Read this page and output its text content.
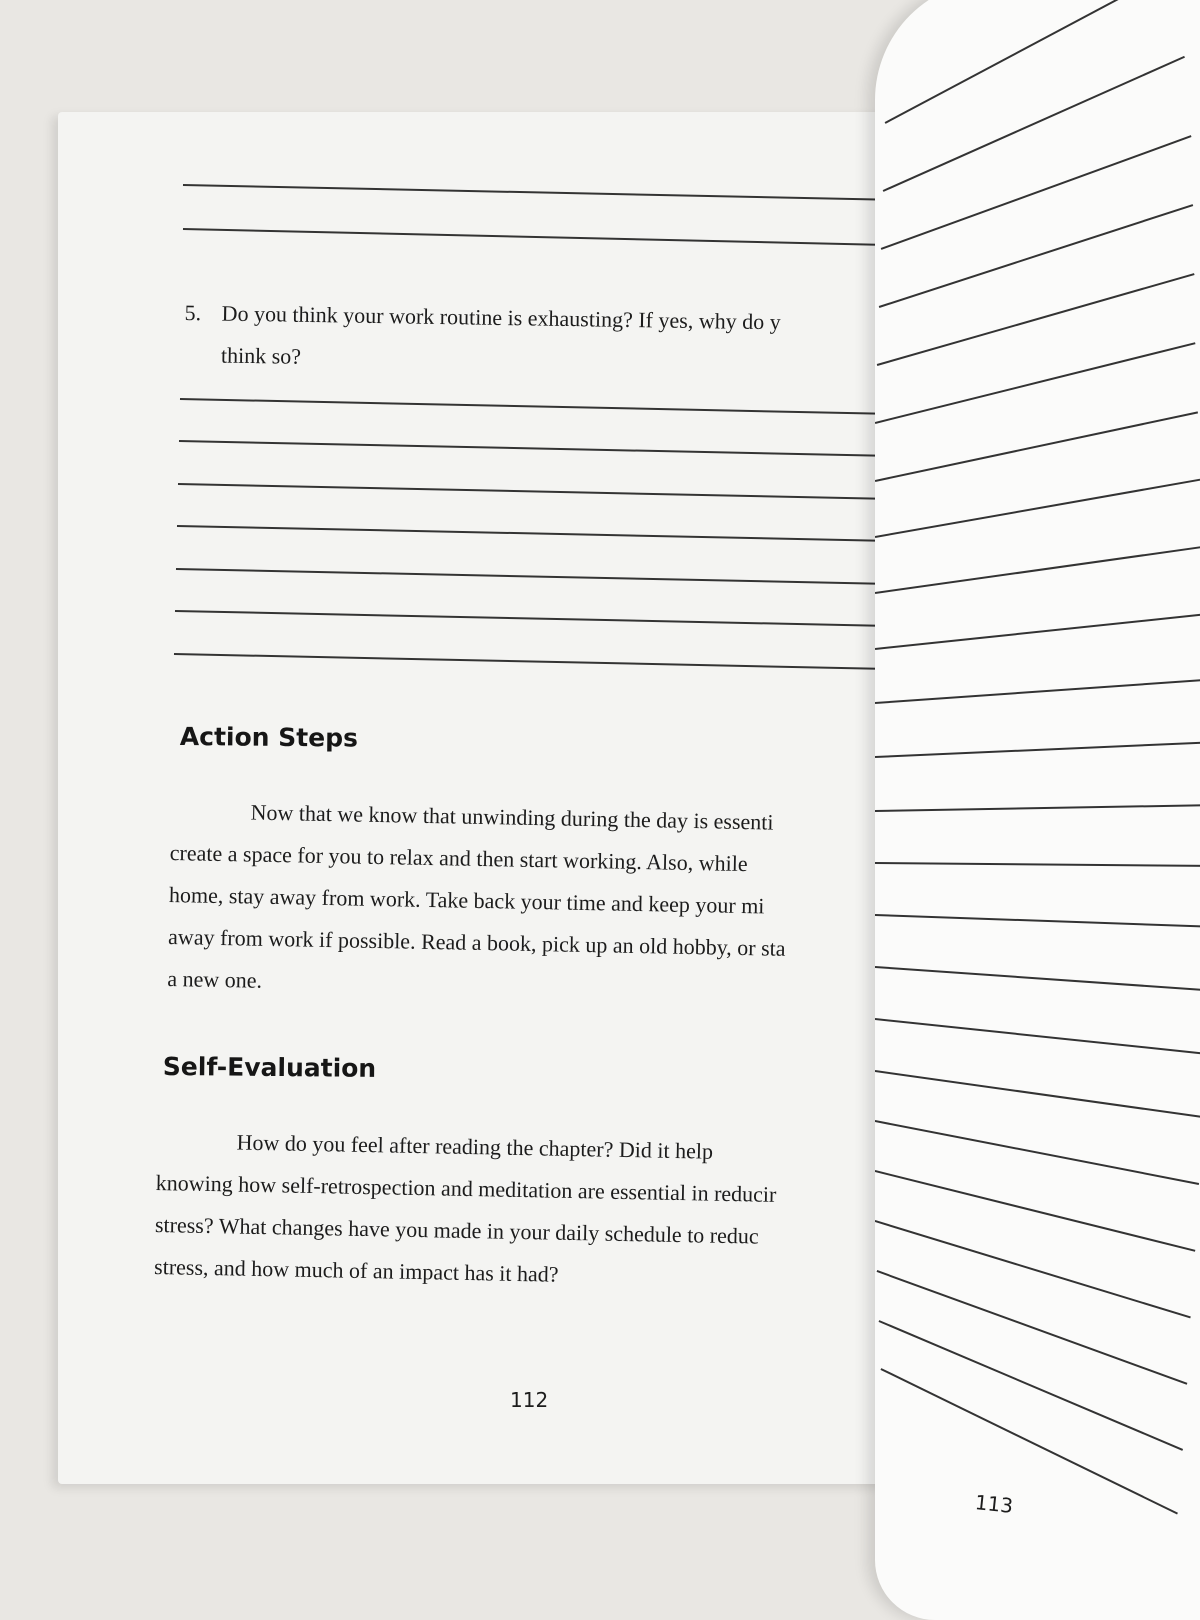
5. Do you think your work routine is exhausting? If yes, why do y
think so?
Action Steps
Now that we know that unwinding during the day is essenti
create a space for you to relax and then start working. Also, while
home, stay away from work. Take back your time and keep your mi
away from work if possible. Read a book, pick up an old hobby, or sta
a new one.
Self-Evaluation
How do you feel after reading the chapter? Did it help
knowing how self-retrospection and meditation are essential in reducir
stress? What changes have you made in your daily schedule to reduc
stress, and how much of an impact has it had?
112
113
